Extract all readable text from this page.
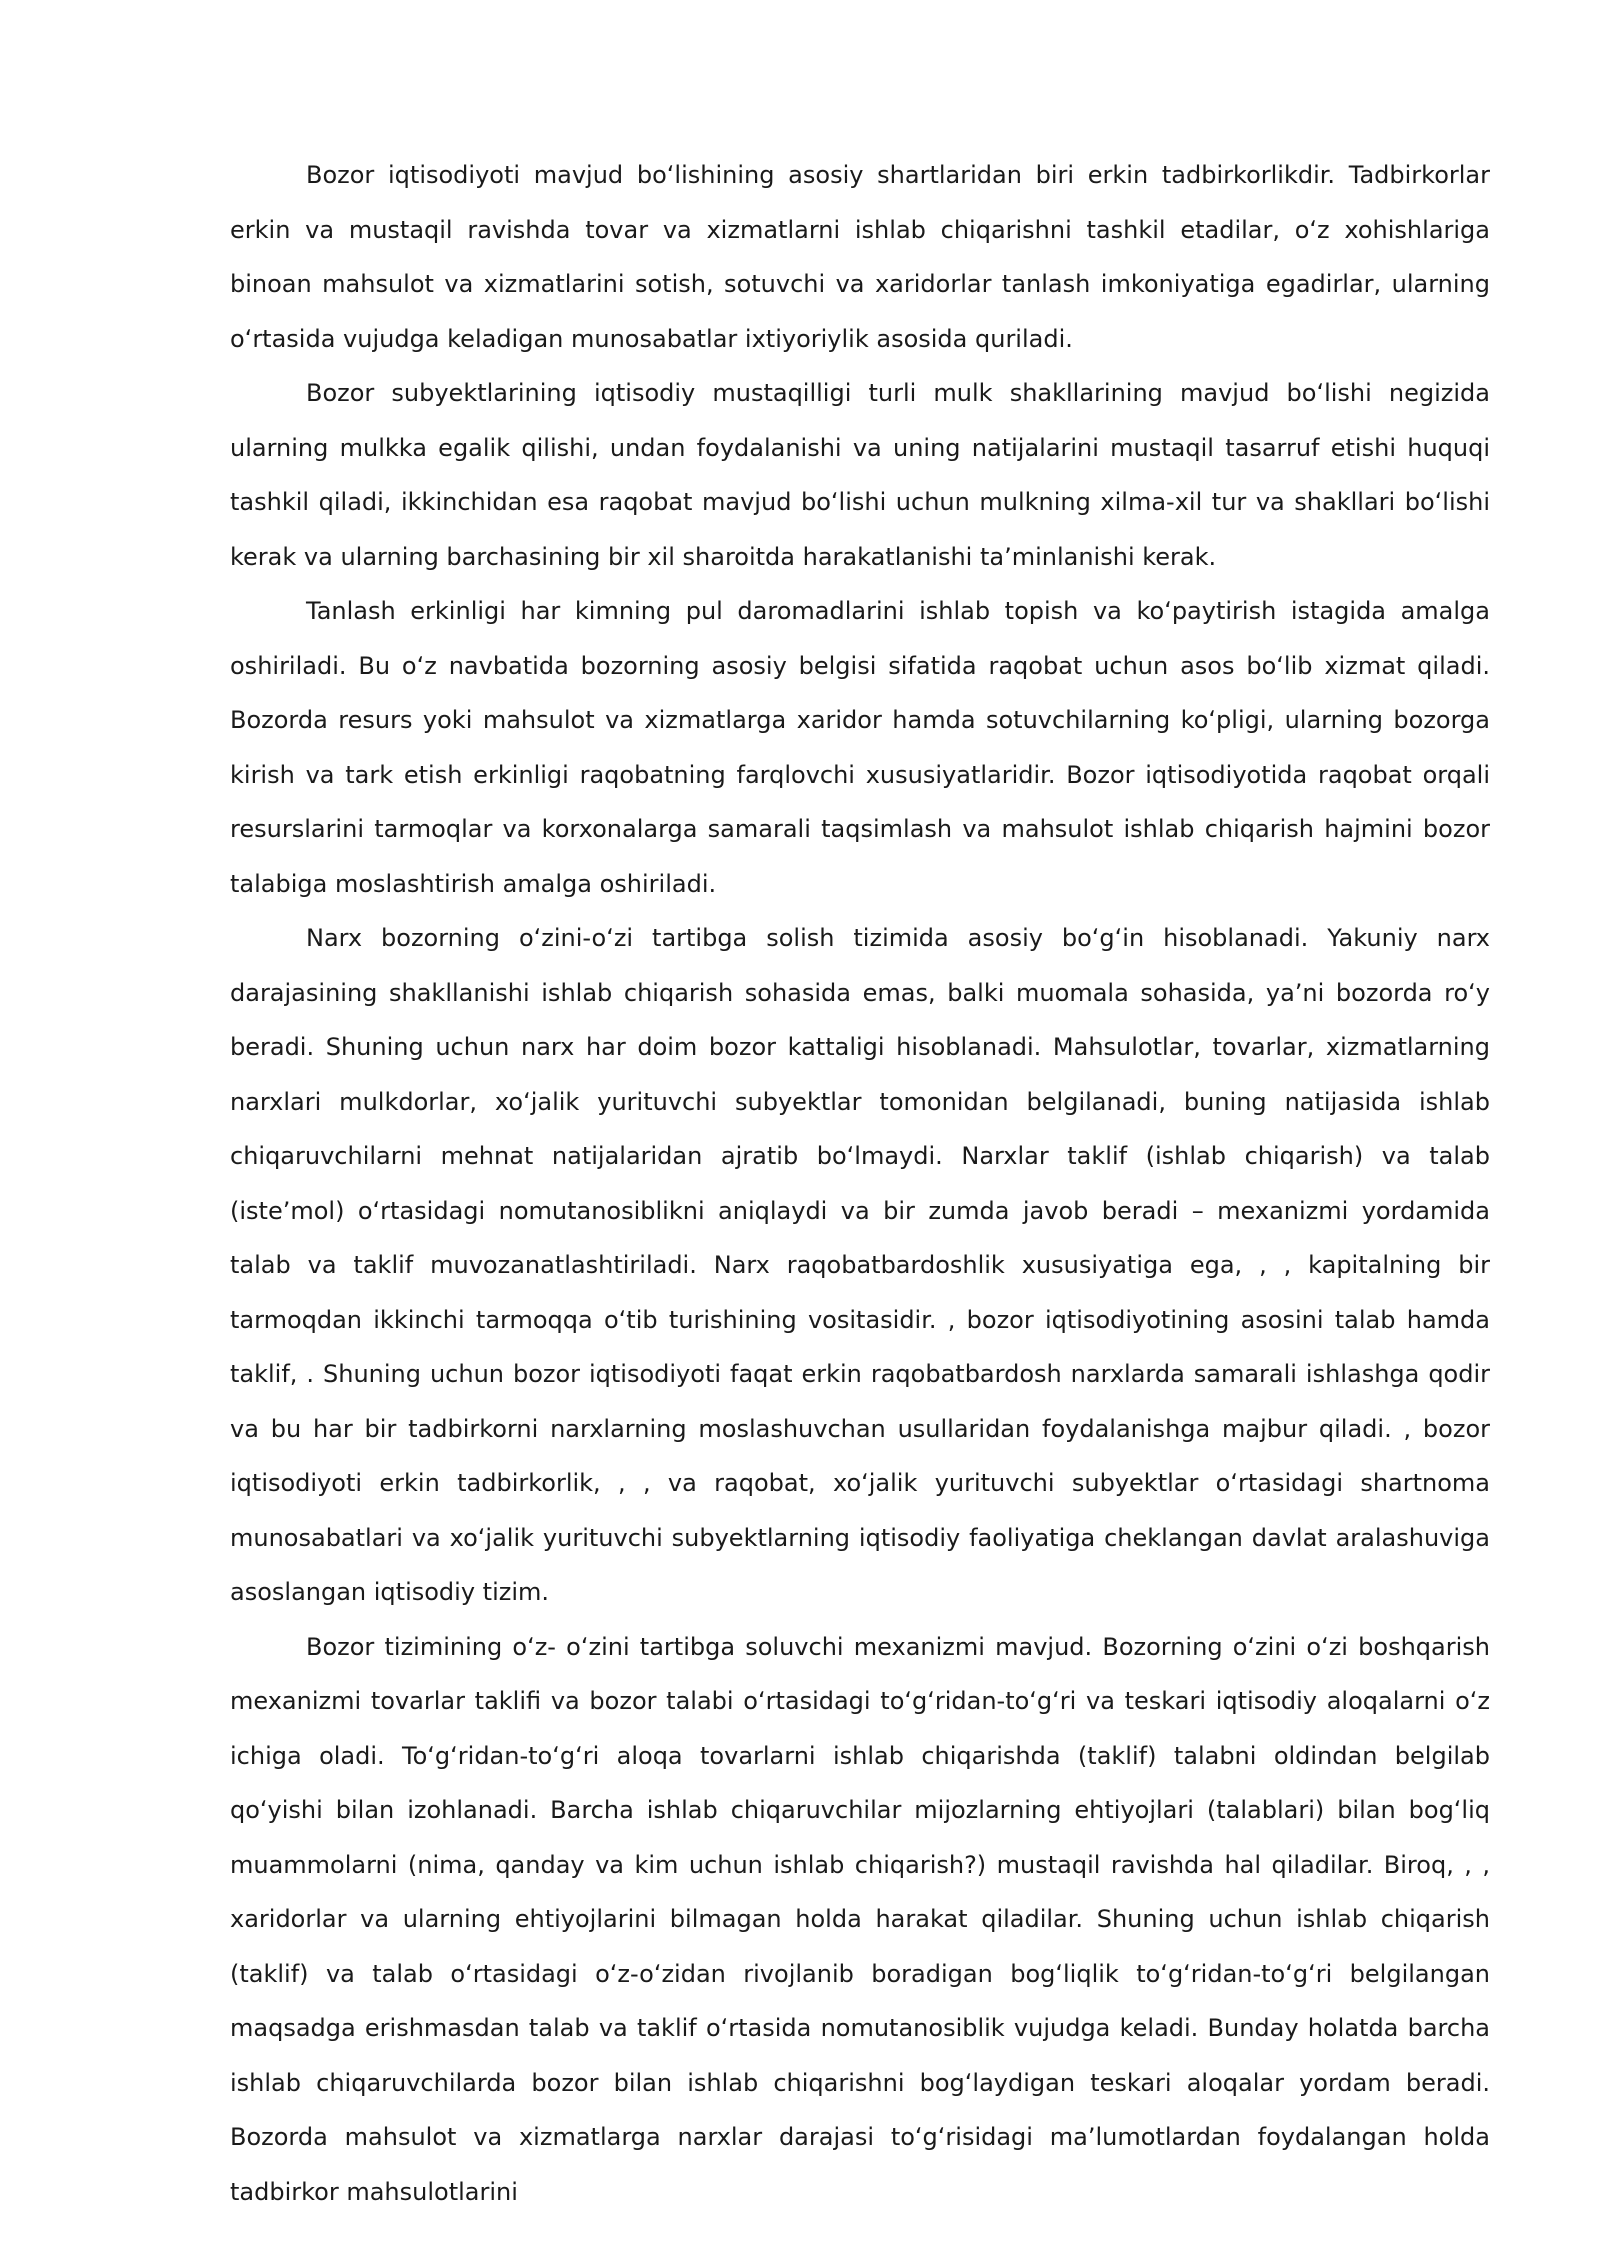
Bozor iqtisodiyoti mavjud boʻlishining asosiy shartlaridan biri erkin tadbirkorlikdir. Tadbirkorlar erkin va mustaqil ravishda tovar va xizmatlarni ishlab chiqarishni tashkil etadilar, oʻz xohishlariga binoan mahsulot va xizmatlarini sotish, sotuvchi va xaridorlar tanlash imkoniyatiga egadirlar, ularning oʻrtasida vujudga keladigan munosabatlar ixtiyoriylik asosida quriladi.

Bozor subyektlarining iqtisodiy mustaqilligi turli mulk shakllarining mavjud boʻlishi negizida ularning mulkka egalik qilishi, undan foydalanishi va uning natijalarini mustaqil tasarruf etishi huquqi tashkil qiladi, ikkinchidan esa raqobat mavjud boʻlishi uchun mulkning xilma-xil tur va shakllari boʻlishi kerak va ularning barchasining bir xil sharoitda harakatlanishi taʼminlanishi kerak.

Tanlash erkinligi har kimning pul daromadlarini ishlab topish va koʻpaytirish istagida amalga oshiriladi. Bu oʻz navbatida bozorning asosiy belgisi sifatida raqobat uchun asos boʻlib xizmat qiladi. Bozorda resurs yoki mahsulot va xizmatlarga xaridor hamda sotuvchilarning koʻpligi, ularning bozorga kirish va tark etish erkinligi raqobatning farqlovchi xususiyatlaridir. Bozor iqtisodiyotida raqobat orqali resurslarini tarmoqlar va korxonalarga samarali taqsimlash va mahsulot ishlab chiqarish hajmini bozor talabiga moslashtirish amalga oshiriladi.

Narx bozorning oʻzini-oʻzi tartibga solish tizimida asosiy boʻgʻin hisoblanadi. Yakuniy narx darajasining shakllanishi ishlab chiqarish sohasida emas, balki muomala sohasida, yaʼni bozorda roʻy beradi. Shuning uchun narx har doim bozor kattaligi hisoblanadi. Mahsulotlar, tovarlar, xizmatlarning narxlari mulkdorlar, xoʻjalik yurituvchi subyektlar tomonidan belgilanadi, buning natijasida ishlab chiqaruvchilarni mehnat natijalaridan ajratib boʻlmaydi. Narxlar taklif (ishlab chiqarish) va talab (isteʼmol) oʻrtasidagi nomutanosiblikni aniqlaydi va bir zumda javob beradi – mexanizmi yordamida talab va taklif muvozanatlashtiriladi. Narx raqobatbardoshlik xususiyatiga ega, , , kapitalning bir tarmoqdan ikkinchi tarmoqqa oʻtib turishining vositasidir. , bozor iqtisodiyotining asosini talab hamda taklif, . Shuning uchun bozor iqtisodiyoti faqat erkin raqobatbardosh narxlarda samarali ishlashga qodir va bu har bir tadbirkorni narxlarning moslashuvchan usullaridan foydalanishga majbur qiladi. , bozor iqtisodiyoti erkin tadbirkorlik, , , va raqobat, xoʻjalik yurituvchi subyektlar oʻrtasidagi shartnoma munosabatlari va xoʻjalik yurituvchi subyektlarning iqtisodiy faoliyatiga cheklangan davlat aralashuviga asoslangan iqtisodiy tizim.

Bozor tizimining oʻz- oʻzini tartibga soluvchi mexanizmi mavjud. Bozorning oʻzini oʻzi boshqarish mexanizmi tovarlar taklifi va bozor talabi oʻrtasidagi toʻgʻridan-toʻgʻri va teskari iqtisodiy aloqalarni oʻz ichiga oladi. Toʻgʻridan-toʻgʻri aloqa tovarlarni ishlab chiqarishda (taklif) talabni oldindan belgilab qoʻyishi bilan izohlanadi. Barcha ishlab chiqaruvchilar mijozlarning ehtiyojlari (talablari) bilan bogʻliq muammolarni (nima, qanday va kim uchun ishlab chiqarish?) mustaqil ravishda hal qiladilar. Biroq, , , xaridorlar va ularning ehtiyojlarini bilmagan holda harakat qiladilar. Shuning uchun ishlab chiqarish (taklif) va talab oʻrtasidagi oʻz-oʻzidan rivojlanib boradigan bogʻliqlik toʻgʻridan-toʻgʻri belgilangan maqsadga erishmasdan talab va taklif oʻrtasida nomutanosiblik vujudga keladi. Bunday holatda barcha ishlab chiqaruvchilarda bozor bilan ishlab chiqarishni bogʻlaydigan teskari aloqalar yordam beradi. Bozorda mahsulot va xizmatlarga narxlar darajasi toʻgʻrisidagi maʼlumotlardan foydalangan holda tadbirkor mahsulotlarini
